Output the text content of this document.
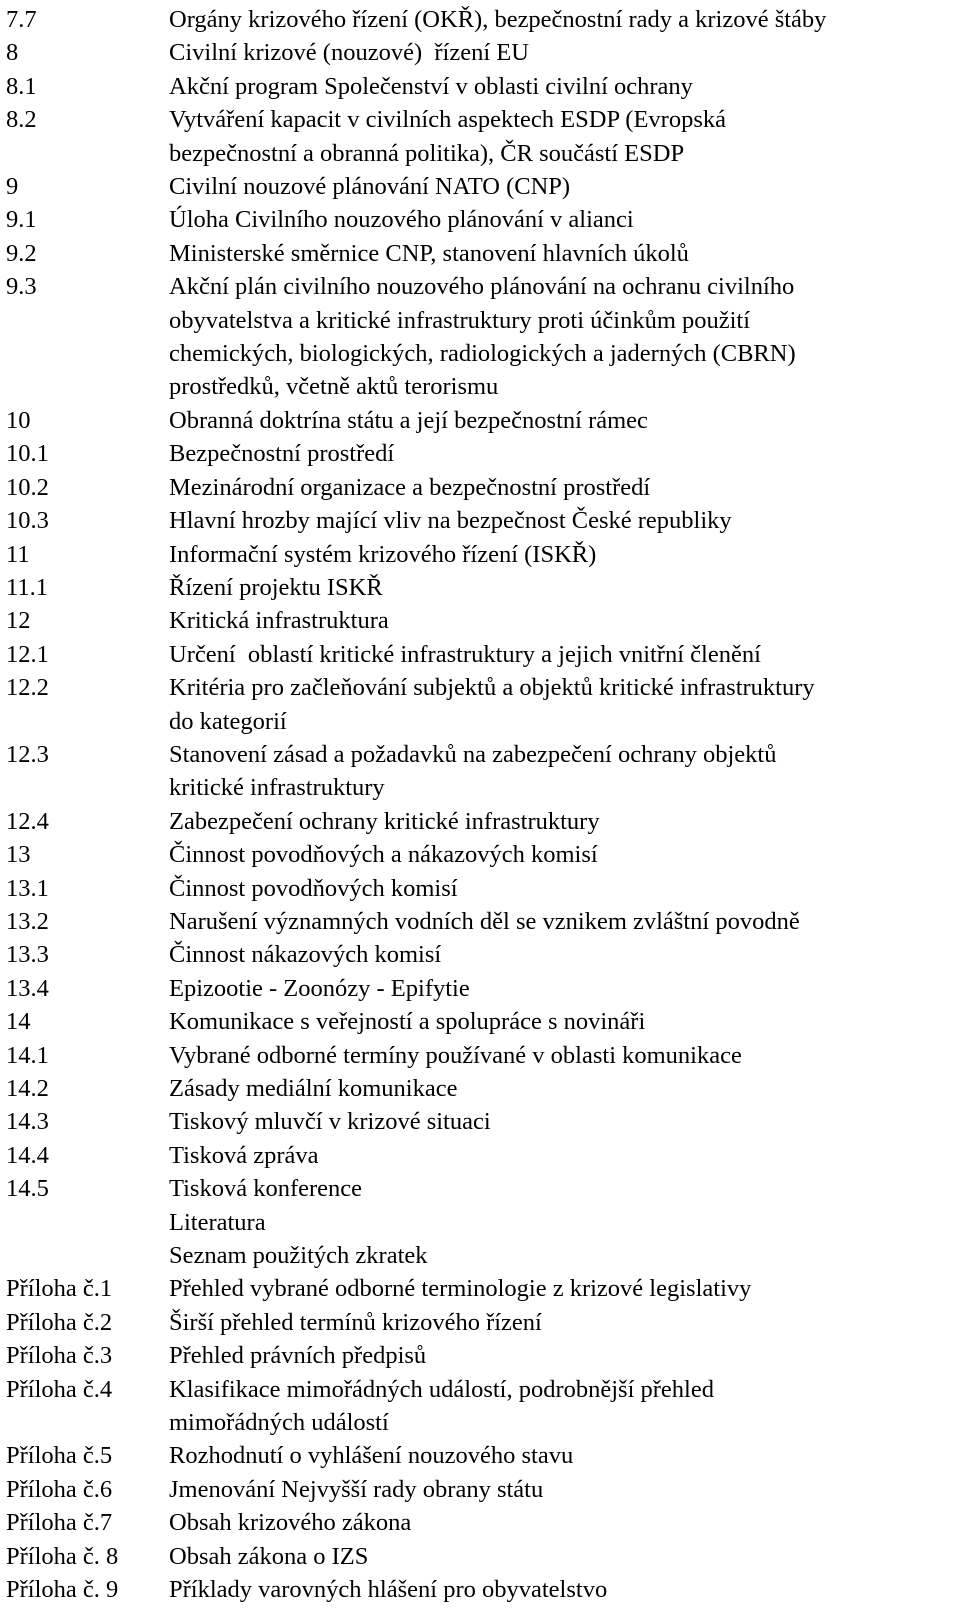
7.7	Orgány krizového řízení (OKŘ), bezpečnostní rady a krizové štáby
8	Civilní krizové (nouzové)  řízení EU
8.1	Akční program Společenství v oblasti civilní ochrany
8.2	Vytváření kapacit v civilních aspektech ESDP (Evropská
bezpečnostní a obranná politika), ČR součástí ESDP
9	Civilní nouzové plánování NATO (CNP)
9.1	Úloha Civilního nouzového plánování v alianci
9.2	Ministerské směrnice CNP, stanovení hlavních úkolů
9.3	Akční plán civilního nouzového plánování na ochranu civilního
obyvatelstva a kritické infrastruktury proti účinkům použití
chemických, biologických, radiologických a jaderných (CBRN)
prostředků, včetně aktů terorismu
10	Obranná doktrína státu a její bezpečnostní rámec
10.1	Bezpečnostní prostředí
10.2	Mezinárodní organizace a bezpečnostní prostředí
10.3	Hlavní hrozby mající vliv na bezpečnost České republiky
11	Informační systém krizového řízení (ISKŘ)
11.1	Řízení projektu ISKŘ
12	Kritická infrastruktura
12.1	Určení  oblastí kritické infrastruktury a jejich vnitřní členění
12.2	Kritéria pro začleňování subjektů a objektů kritické infrastruktury
do kategorií
12.3	Stanovení zásad a požadavků na zabezpečení ochrany objektů
kritické infrastruktury
12.4	Zabezpečení ochrany kritické infrastruktury
13	Činnost povodňových a nákazových komisí
13.1	Činnost povodňových komisí
13.2	Narušení významných vodních děl se vznikem zvláštní povodně
13.3	Činnost nákazových komisí
13.4	Epizootie - Zoonózy - Epifytie
14	Komunikace s veřejností a spolupráce s novináři
14.1	Vybrané odborné termíny používané v oblasti komunikace
14.2	Zásady mediální komunikace
14.3	Tiskový mluvčí v krizové situaci
14.4	Tisková zpráva
14.5	Tisková konference
Literatura
Seznam použitých zkratek
Příloha č.1	Přehled vybrané odborné terminologie z krizové legislativy
Příloha č.2	Širší přehled termínů krizového řízení
Příloha č.3	Přehled právních předpisů
Příloha č.4	Klasifikace mimořádných událostí, podrobnější přehled
mimořádných událostí
Příloha č.5	Rozhodnutí o vyhlášení nouzového stavu
Příloha č.6	Jmenování Nejvyšší rady obrany státu
Příloha č.7	Obsah krizového zákona
Příloha č. 8	Obsah zákona o IZS
Příloha č. 9	Příklady varovných hlášení pro obyvatelstvo
